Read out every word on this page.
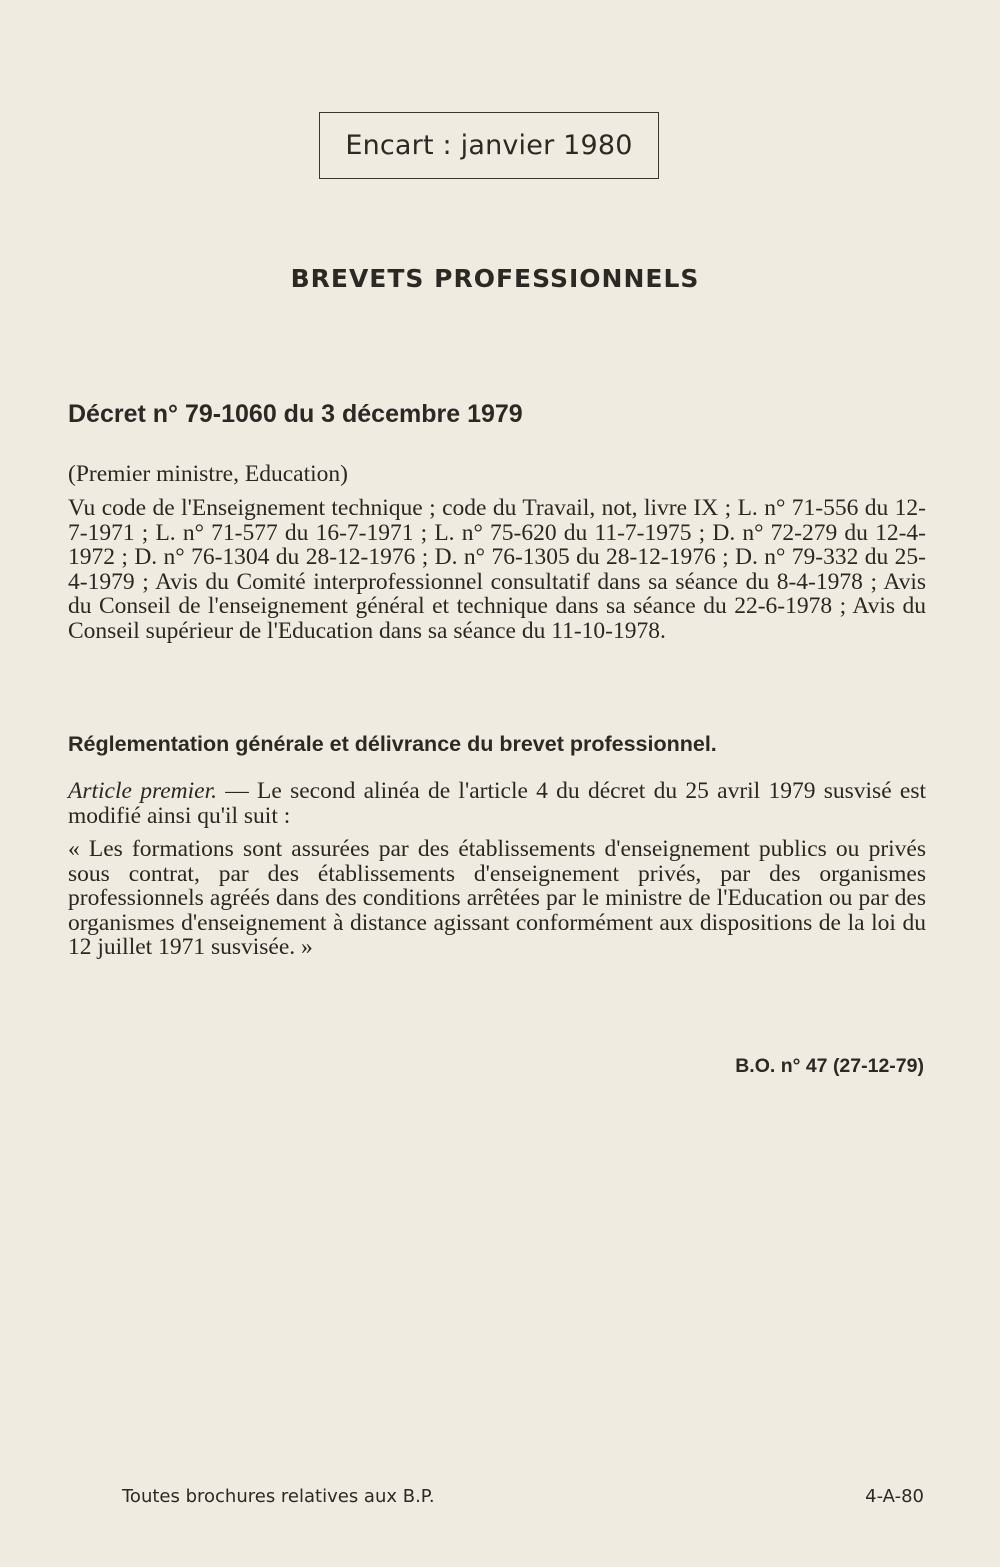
Encart : janvier 1980
BREVETS PROFESSIONNELS
Décret n° 79-1060 du 3 décembre 1979
(Premier ministre, Education)
Vu code de l'Enseignement technique ; code du Travail, not, livre IX ; L. n° 71-556 du 12-7-1971 ; L. n° 71-577 du 16-7-1971 ; L. n° 75-620 du 11-7-1975 ; D. n° 72-279 du 12-4-1972 ; D. n° 76-1304 du 28-12-1976 ; D. n° 76-1305 du 28-12-1976 ; D. n° 79-332 du 25-4-1979 ; Avis du Comité interprofessionnel consultatif dans sa séance du 8-4-1978 ; Avis du Conseil de l'enseignement général et technique dans sa séance du 22-6-1978 ; Avis du Conseil supérieur de l'Education dans sa séance du 11-10-1978.
Réglementation générale et délivrance du brevet professionnel.
Article premier. — Le second alinéa de l'article 4 du décret du 25 avril 1979 susvisé est modifié ainsi qu'il suit :
« Les formations sont assurées par des établissements d'enseignement publics ou privés sous contrat, par des établissements d'enseignement privés, par des organismes professionnels agréés dans des conditions arrêtées par le ministre de l'Education ou par des organismes d'enseignement à distance agissant conformément aux dispositions de la loi du 12 juillet 1971 susvisée. »
B.O. n° 47 (27-12-79)
Toutes brochures relatives aux B.P.	4-A-80
